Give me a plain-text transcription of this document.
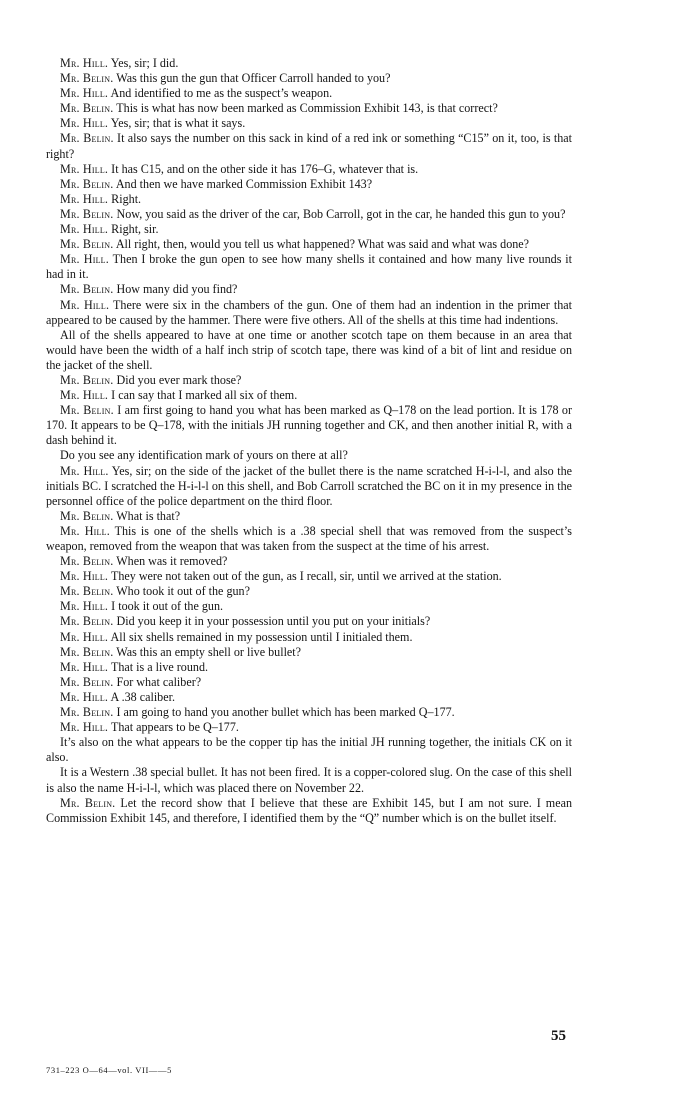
Mr. Hill. Yes, sir; I did.

Mr. Belin. Was this gun the gun that Officer Carroll handed to you?

Mr. Hill. And identified to me as the suspect’s weapon.

Mr. Belin. This is what has now been marked as Commission Exhibit 143, is that correct?

Mr. Hill. Yes, sir; that is what it says.

Mr. Belin. It also says the number on this sack in kind of a red ink or something “C15” on it, too, is that right?

Mr. Hill. It has C15, and on the other side it has 176–G, whatever that is.

Mr. Belin. And then we have marked Commission Exhibit 143?

Mr. Hill. Right.

Mr. Belin. Now, you said as the driver of the car, Bob Carroll, got in the car, he handed this gun to you?

Mr. Hill. Right, sir.

Mr. Belin. All right, then, would you tell us what happened? What was said and what was done?

Mr. Hill. Then I broke the gun open to see how many shells it contained and how many live rounds it had in it.

Mr. Belin. How many did you find?

Mr. Hill. There were six in the chambers of the gun. One of them had an indention in the primer that appeared to be caused by the hammer. There were five others. All of the shells at this time had indentions.

All of the shells appeared to have at one time or another scotch tape on them because in an area that would have been the width of a half inch strip of scotch tape, there was kind of a bit of lint and residue on the jacket of the shell.

Mr. Belin. Did you ever mark those?

Mr. Hill. I can say that I marked all six of them.

Mr. Belin. I am first going to hand you what has been marked as Q–178 on the lead portion. It is 178 or 170. It appears to be Q–178, with the initials JH running together and CK, and then another initial R, with a dash behind it.

Do you see any identification mark of yours on there at all?

Mr. Hill. Yes, sir; on the side of the jacket of the bullet there is the name scratched H-i-l-l, and also the initials BC. I scratched the H-i-l-l on this shell, and Bob Carroll scratched the BC on it in my presence in the personnel office of the police department on the third floor.

Mr. Belin. What is that?

Mr. Hill. This is one of the shells which is a .38 special shell that was removed from the suspect’s weapon, removed from the weapon that was taken from the suspect at the time of his arrest.

Mr. Belin. When was it removed?

Mr. Hill. They were not taken out of the gun, as I recall, sir, until we arrived at the station.

Mr. Belin. Who took it out of the gun?

Mr. Hill. I took it out of the gun.

Mr. Belin. Did you keep it in your possession until you put on your initials?

Mr. Hill. All six shells remained in my possession until I initialed them.

Mr. Belin. Was this an empty shell or live bullet?

Mr. Hill. That is a live round.

Mr. Belin. For what caliber?

Mr. Hill. A .38 caliber.

Mr. Belin. I am going to hand you another bullet which has been marked Q–177.

Mr. Hill. That appears to be Q–177.

It’s also on the what appears to be the copper tip has the initial JH running together, the initials CK on it also.

It is a Western .38 special bullet. It has not been fired. It is a copper-colored slug. On the case of this shell is also the name H-i-l-l, which was placed there on November 22.

Mr. Belin. Let the record show that I believe that these are Exhibit 145, but I am not sure. I mean Commission Exhibit 145, and therefore, I identified them by the “Q” number which is on the bullet itself.

55
731–223 O—64—vol. VII——5
